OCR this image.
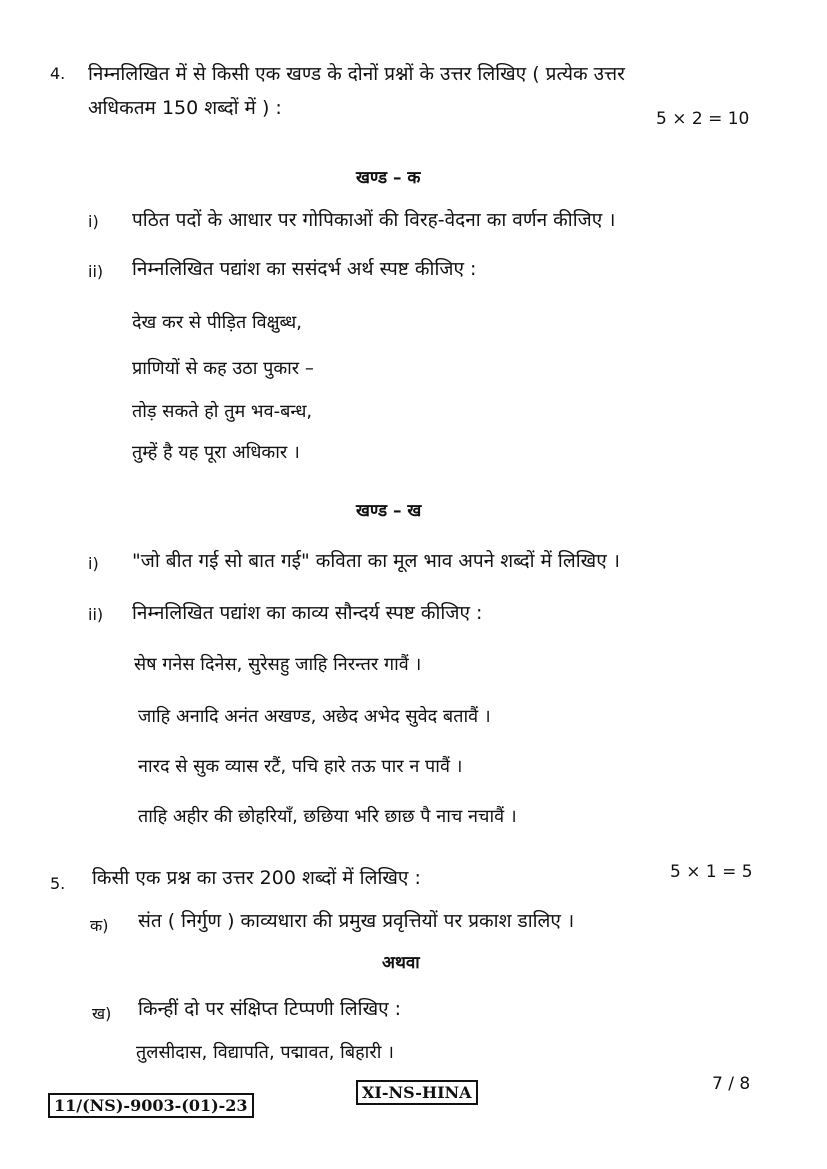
4. निम्नलिखित में से किसी एक खण्ड के दोनों प्रश्नों के उत्तर लिखिए ( प्रत्येक उत्तर
अधिकतम 150 शब्दों में ) :	5 × 2 = 10
खण्ड – क
i) पठित पदों के आधार पर गोपिकाओं की विरह-वेदना का वर्णन कीजिए ।
ii) निम्नलिखित पद्यांश का ससंदर्भ अर्थ स्पष्ट कीजिए :
देख कर से पीड़ित विक्षुब्ध,
प्राणियों से कह उठा पुकार –
तोड़ सकते हो तुम भव-बन्ध,
तुम्हें है यह पूरा अधिकार ।
खण्ड – ख
i) "जो बीत गई सो बात गई" कविता का मूल भाव अपने शब्दों में लिखिए ।
ii) निम्नलिखित पद्यांश का काव्य सौन्दर्य स्पष्ट कीजिए :
सेष गनेस दिनेस, सुरेसहु जाहि निरन्तर गावैं ।
जाहि अनादि अनंत अखण्ड, अछेद अभेद सुवेद बतावैं ।
नारद से सुक व्यास रटैं, पचि हारे तऊ पार न पावैं ।
ताहि अहीर की छोहरियाँ, छछिया भरि छाछ पै नाच नचावैं ।
5. किसी एक प्रश्न का उत्तर 200 शब्दों में लिखिए :	5 × 1 = 5
क) संत ( निर्गुण ) काव्यधारा की प्रमुख प्रवृत्तियों पर प्रकाश डालिए ।
अथवा
ख) किन्हीं दो पर संक्षिप्त टिप्पणी लिखिए :
तुलसीदास, विद्यापति, पद्मावत, बिहारी ।
7 / 8
11/(NS)-9003-(01)-23
XI-NS-HINA
